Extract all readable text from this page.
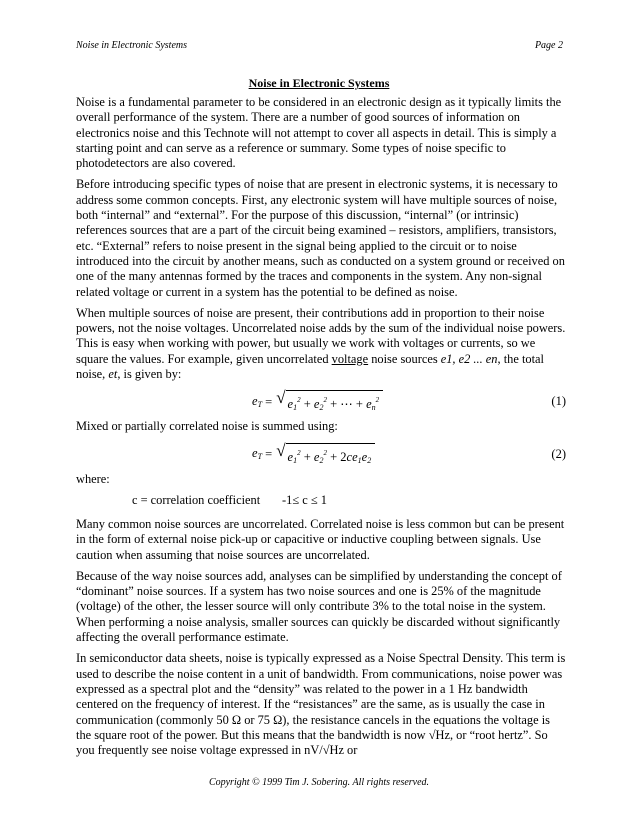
Noise in Electronic Systems	Page 2
Noise in Electronic Systems

Noise is a fundamental parameter to be considered in an electronic design as it typically limits the overall performance of the system. There are a number of good sources of information on electronics noise and this Technote will not attempt to cover all aspects in detail. This is simply a starting point and can serve as a reference or summary. Some types of noise specific to photodetectors are also covered.

Before introducing specific types of noise that are present in electronic systems, it is necessary to address some common concepts. First, any electronic system will have multiple sources of noise, both “internal” and “external”. For the purpose of this discussion, “internal” (or intrinsic) references sources that are a part of the circuit being examined – resistors, amplifiers, transistors, etc. “External” refers to noise present in the signal being applied to the circuit or to noise introduced into the circuit by another means, such as conducted on a system ground or received on one of the many antennas formed by the traces and components in the system. Any non-signal related voltage or current in a system has the potential to be defined as noise.

When multiple sources of noise are present, their contributions add in proportion to their noise powers, not the noise voltages. Uncorrelated noise adds by the sum of the individual noise powers. This is easy when working with power, but usually we work with voltages or currents, so we square the values. For example, given uncorrelated voltage noise sources e1, e2 ... en, the total noise, et, is given by:

$e_T$
= √ $e_1^2 + e_2^2$ + ⋯ + $e_n^2$	(1)

Mixed or partially correlated noise is summed using:

$e_T$
= √ $e_1^2 + e_2^2 + 2ce_1e_2$	(2)

where:

c = correlation coefficient -1≤ c ≤ 1

Many common noise sources are uncorrelated. Correlated noise is less common but can be present in the form of external noise pick-up or capacitive or inductive coupling between signals. Use caution when assuming that noise sources are uncorrelated.

Because of the way noise sources add, analyses can be simplified by understanding the concept of “dominant” noise sources. If a system has two noise sources and one is 25% of the magnitude (voltage) of the other, the lesser source will only contribute 3% to the total noise in the system. When performing a noise analysis, smaller sources can quickly be discarded without significantly affecting the overall performance estimate.

In semiconductor data sheets, noise is typically expressed as a Noise Spectral Density. This term is used to describe the noise content in a unit of bandwidth. From communications, noise power was expressed as a spectral plot and the “density” was related to the power in a 1 Hz bandwidth centered on the frequency of interest. If the “resistances” are the same, as is usually the case in communication (commonly 50 Ω or 75 Ω), the resistance cancels in the equations the voltage is the square root of the power. But this means that the bandwidth is now √Hz, or “root hertz”. So you frequently see noise voltage expressed in nV/√Hz or

Copyright © 1999 Tim J. Sobering. All rights reserved.
